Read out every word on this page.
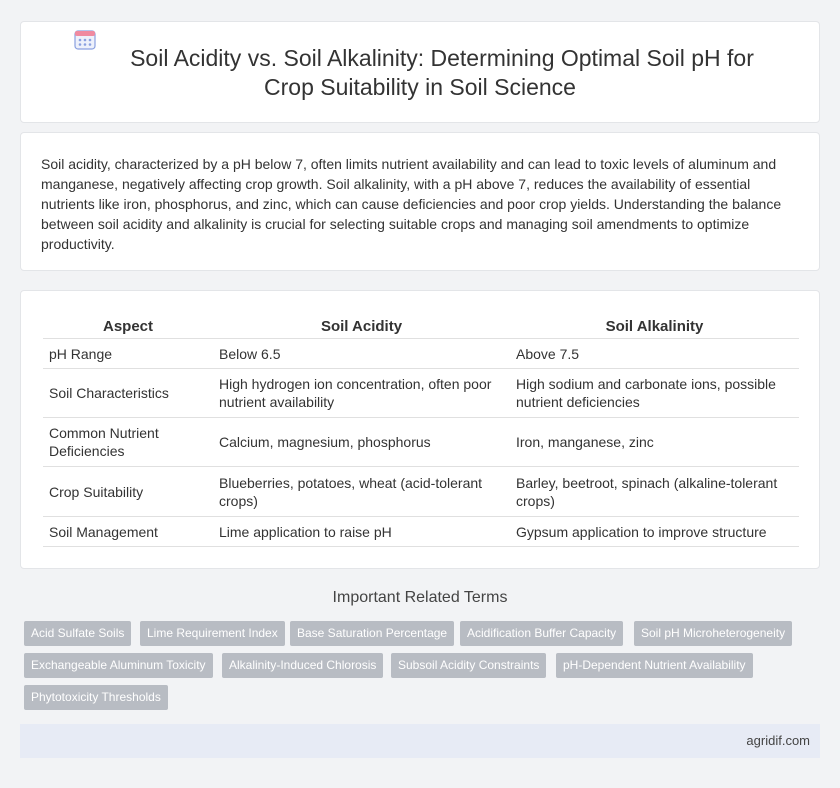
Soil Acidity vs. Soil Alkalinity: Determining Optimal Soil pH for
Crop Suitability in Soil Science

Soil acidity, characterized by a pH below 7, often limits nutrient availability and can lead to toxic levels of aluminum and manganese, negatively affecting crop growth. Soil alkalinity, with a pH above 7, reduces the availability of essential nutrients like iron, phosphorus, and zinc, which can cause deficiencies and poor crop yields. Understanding the balance between soil acidity and alkalinity is crucial for selecting suitable crops and managing soil amendments to optimize productivity.

Aspect	Soil Acidity	Soil Alkalinity
pH Range	Below 6.5	Above 7.5
Soil Characteristics	High hydrogen ion concentration, often poor nutrient availability	High sodium and carbonate ions, possible nutrient deficiencies
Common Nutrient Deficiencies	Calcium, magnesium, phosphorus	Iron, manganese, zinc
Crop Suitability	Blueberries, potatoes, wheat (acid-tolerant crops)	Barley, beetroot, spinach (alkaline-tolerant crops)
Soil Management	Lime application to raise pH	Gypsum application to improve structure
Important Related Terms
Acid Sulfate Soils	Lime Requirement Index	Base Saturation Percentage	Acidification Buffer Capacity	Soil pH Microheterogeneity
Exchangeable Aluminum Toxicity	Alkalinity-Induced Chlorosis	Subsoil Acidity Constraints	pH-Dependent Nutrient Availability
Phytotoxicity Thresholds
agridif.com
